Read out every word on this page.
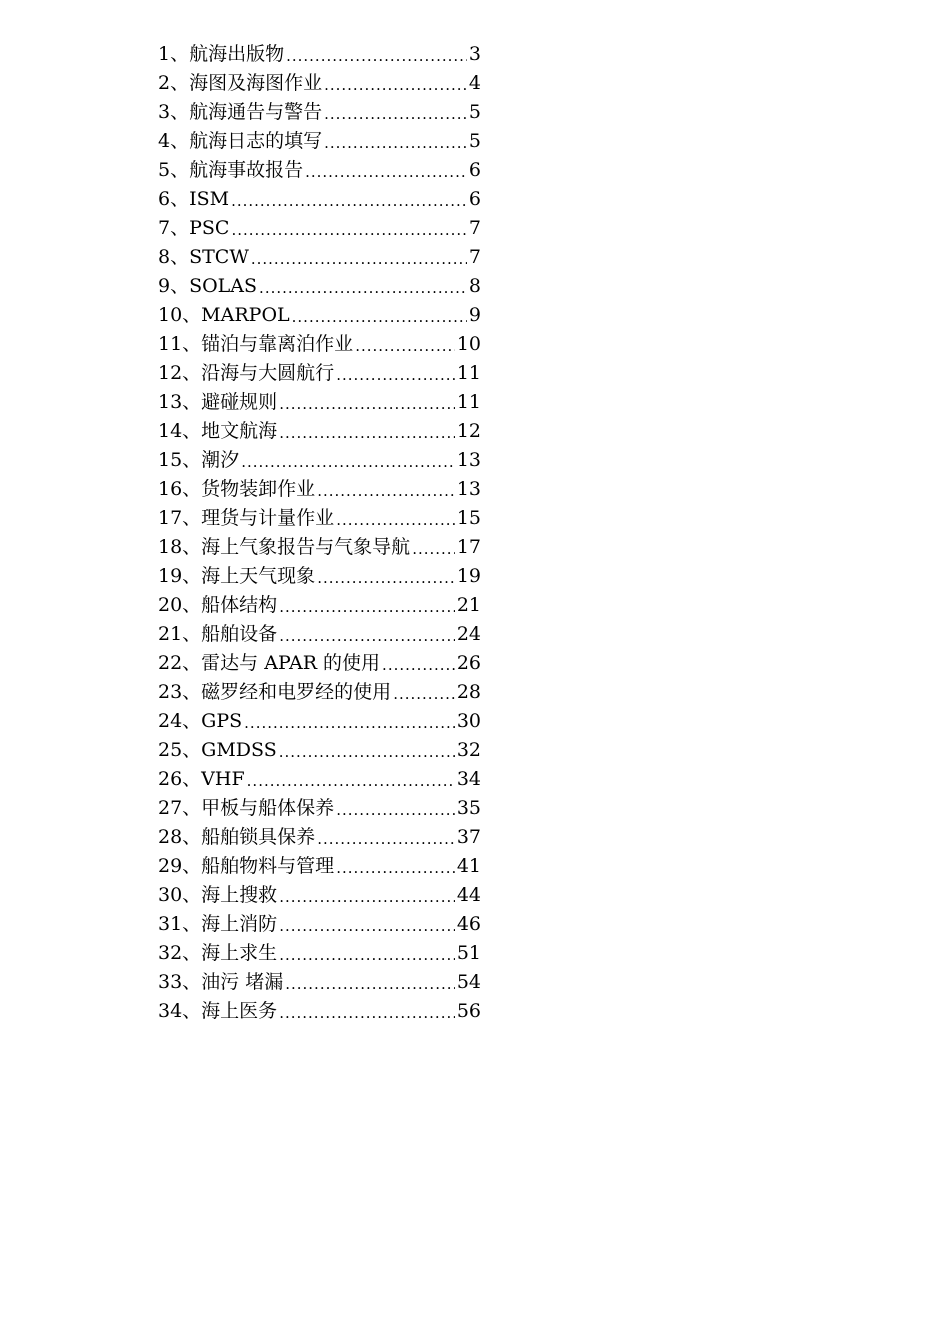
1、航海出版物 .....	3
2、海图及海图作业 .....	4
3、航海通告与警告 .....	5
4、航海日志的填写 .....	5
5、航海事故报告 .....	6
6、ISM .....	6
7、PSC .....	7
8、STCW .....	7
9、SOLAS .....	8
10、MARPOL .....	9
11、锚泊与靠离泊作业 .....	10
12、沿海与大圆航行 .....	11
13、避碰规则 .....	11
14、地文航海 .....	12
15、潮汐 .....	13
16、货物装卸作业 .....	13
17、理货与计量作业 .....	15
18、海上气象报告与气象导航 ..... 17
19、海上天气现象 .....	19
20、船体结构 .....	21
21、船舶设备 .....	24
22、雷达与 APAR 的使用 .....	26
23、磁罗经和电罗经的使用 .....	28
24、GPS .....	30
25、GMDSS .....	32
26、VHF .....	34
27、甲板与船体保养 .....	35
28、船舶锁具保养 .....	37
29、船舶物料与管理 .....	41
30、海上搜救 .....	44
31、海上消防 .....	46
32、海上求生 .....	51
33、油污 堵漏 .....	54
34、海上医务 .....	56
